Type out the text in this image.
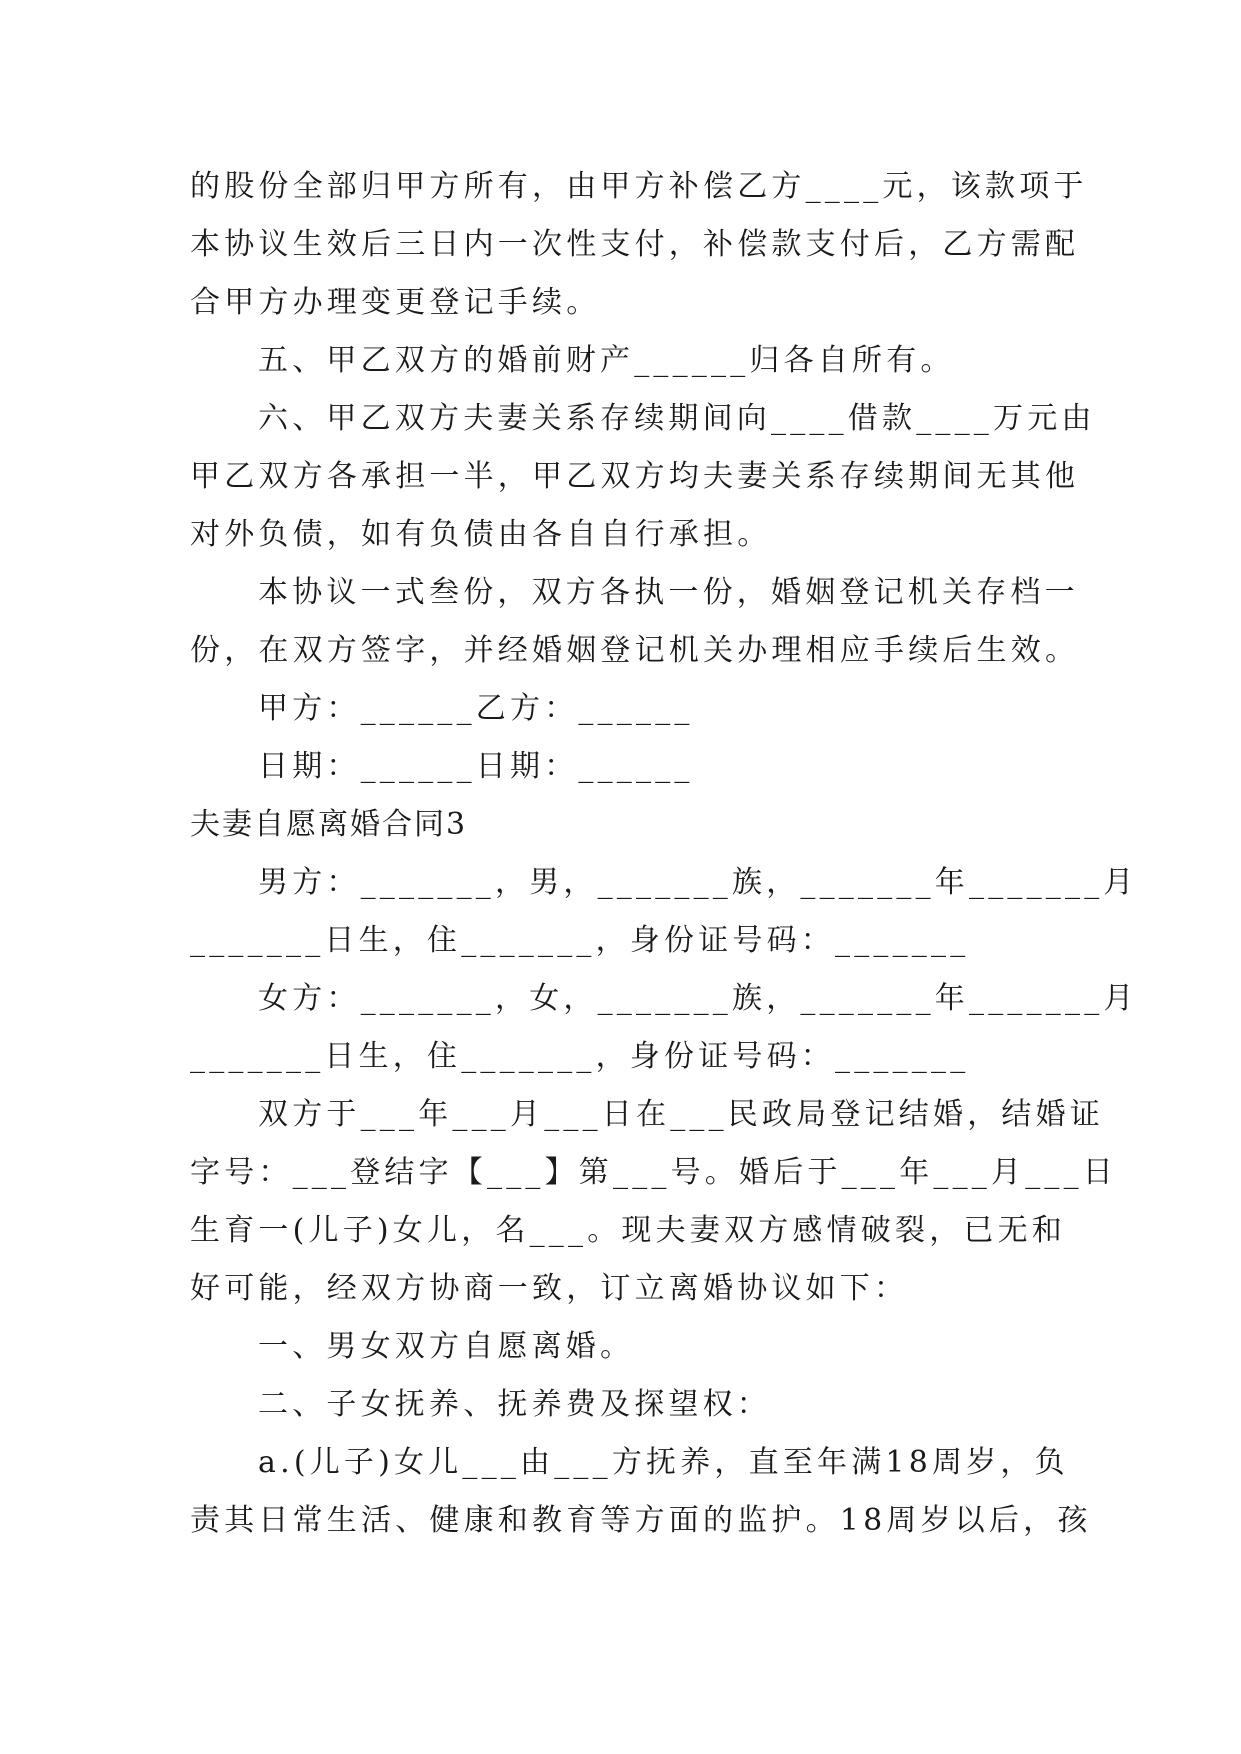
的股份全部归甲方所有，由甲方补偿乙方____元，该款项于
本协议生效后三日内一次性支付，补偿款支付后，乙方需配
合甲方办理变更登记手续。
五、甲乙双方的婚前财产______归各自所有。
六、甲乙双方夫妻关系存续期间向____借款____万元由
甲乙双方各承担一半，甲乙双方均夫妻关系存续期间无其他
对外负债，如有负债由各自自行承担。
本协议一式叁份，双方各执一份，婚姻登记机关存档一
份，在双方签字，并经婚姻登记机关办理相应手续后生效。
甲方：______乙方：______
日期：______日期：______
夫妻自愿离婚合同3
男方：_______，男，_______族，_______年_______月
_______日生，住_______，身份证号码：_______
女方：_______，女，_______族，_______年_______月
_______日生，住_______，身份证号码：_______
双方于___年___月___日在___民政局登记结婚，结婚证
字号：___登结字【___】第___号。婚后于___年___月___日
生育一(儿子)女儿，名___。现夫妻双方感情破裂，已无和
好可能，经双方协商一致，订立离婚协议如下：
一、男女双方自愿离婚。
二、子女抚养、抚养费及探望权：
a.(儿子)女儿___由___方抚养，直至年满18周岁，负
责其日常生活、健康和教育等方面的监护。18周岁以后，孩
